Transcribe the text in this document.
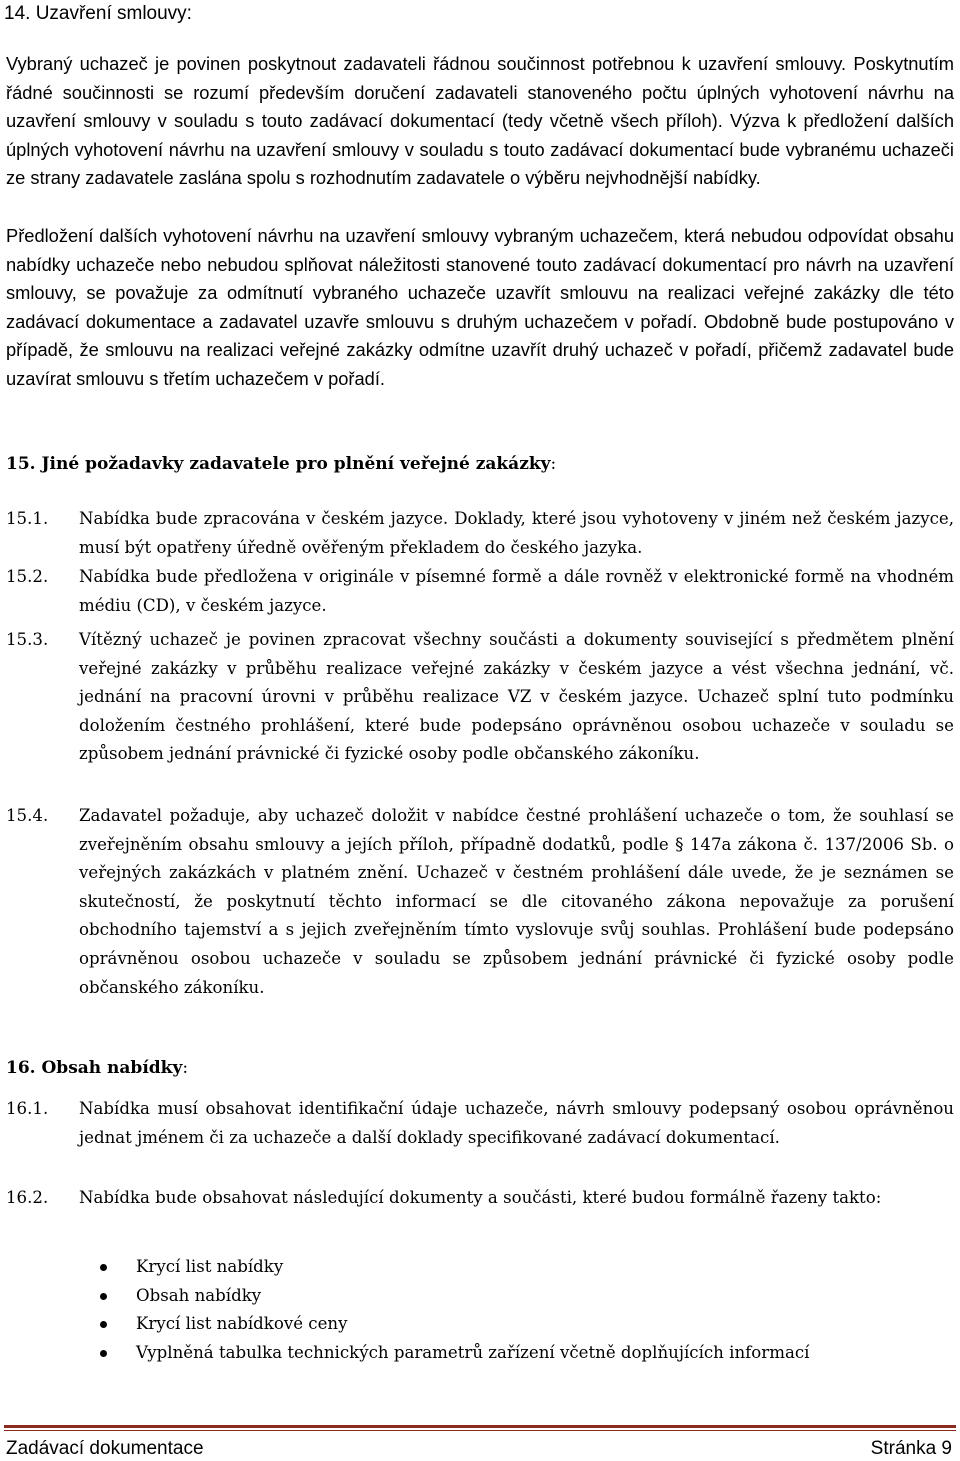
14. Uzavření smlouvy:

Vybraný uchazeč je povinen poskytnout zadavateli řádnou součinnost potřebnou k uzavření smlouvy. Poskytnutím řádné součinnosti se rozumí především doručení zadavateli stanoveného počtu úplných vyhotovení návrhu na uzavření smlouvy v souladu s touto zadávací dokumentací (tedy včetně všech příloh). Výzva k předložení dalších úplných vyhotovení návrhu na uzavření smlouvy v souladu s touto zadávací dokumentací bude vybranému uchazeči ze strany zadavatele zaslána spolu s rozhodnutím zadavatele o výběru nejvhodnější nabídky.

Předložení dalších vyhotovení návrhu na uzavření smlouvy vybraným uchazečem, která nebudou odpovídat obsahu nabídky uchazeče nebo nebudou splňovat náležitosti stanovené touto zadávací dokumentací pro návrh na uzavření smlouvy, se považuje za odmítnutí vybraného uchazeče uzavřít smlouvu na realizaci veřejné zakázky dle této zadávací dokumentace a zadavatel uzavře smlouvu s druhým uchazečem v pořadí. Obdobně bude postupováno v případě, že smlouvu na realizaci veřejné zakázky odmítne uzavřít druhý uchazeč v pořadí, přičemž zadavatel bude uzavírat smlouvu s třetím uchazečem v pořadí.

15. Jiné požadavky zadavatele pro plnění veřejné zakázky:
15.1.	Nabídka bude zpracována v českém jazyce. Doklady, které jsou vyhotoveny v jiném než českém jazyce, musí být opatřeny úředně ověřeným překladem do českého jazyka.
15.2.	Nabídka bude předložena v originále v písemné formě a dále rovněž v elektronické formě na vhodném médiu (CD), v českém jazyce.
15.3.	Vítězný uchazeč je povinen zpracovat všechny součásti a dokumenty související s předmětem plnění veřejné zakázky v průběhu realizace veřejné zakázky v českém jazyce a vést všechna jednání, vč. jednání na pracovní úrovni v průběhu realizace VZ v českém jazyce. Uchazeč splní tuto podmínku doložením čestného prohlášení, které bude podepsáno oprávněnou osobou uchazeče v souladu se způsobem jednání právnické či fyzické osoby podle občanského zákoníku.
15.4.	Zadavatel požaduje, aby uchazeč doložit v nabídce čestné prohlášení uchazeče o tom, že souhlasí se zveřejněním obsahu smlouvy a jejích příloh, případně dodatků, podle § 147a zákona č. 137/2006 Sb. o veřejných zakázkách v platném znění. Uchazeč v čestném prohlášení dále uvede, že je seznámen se skutečností, že poskytnutí těchto informací se dle citovaného zákona nepovažuje za porušení obchodního tajemství a s jejich zveřejněním tímto vyslovuje svůj souhlas. Prohlášení bude podepsáno oprávněnou osobou uchazeče v souladu se způsobem jednání právnické či fyzické osoby podle občanského zákoníku.
16. Obsah nabídky:
16.1.	Nabídka musí obsahovat identifikační údaje uchazeče, návrh smlouvy podepsaný osobou oprávněnou jednat jménem či za uchazeče a další doklady specifikované zadávací dokumentací.
16.2.	Nabídka bude obsahovat následující dokumenty a součásti, které budou formálně řazeny takto:
Krycí list nabídky
Obsah nabídky
Krycí list nabídkové ceny
Vyplněná tabulka technických parametrů zařízení včetně doplňujících informací
Zadávací dokumentace	Stránka 9
